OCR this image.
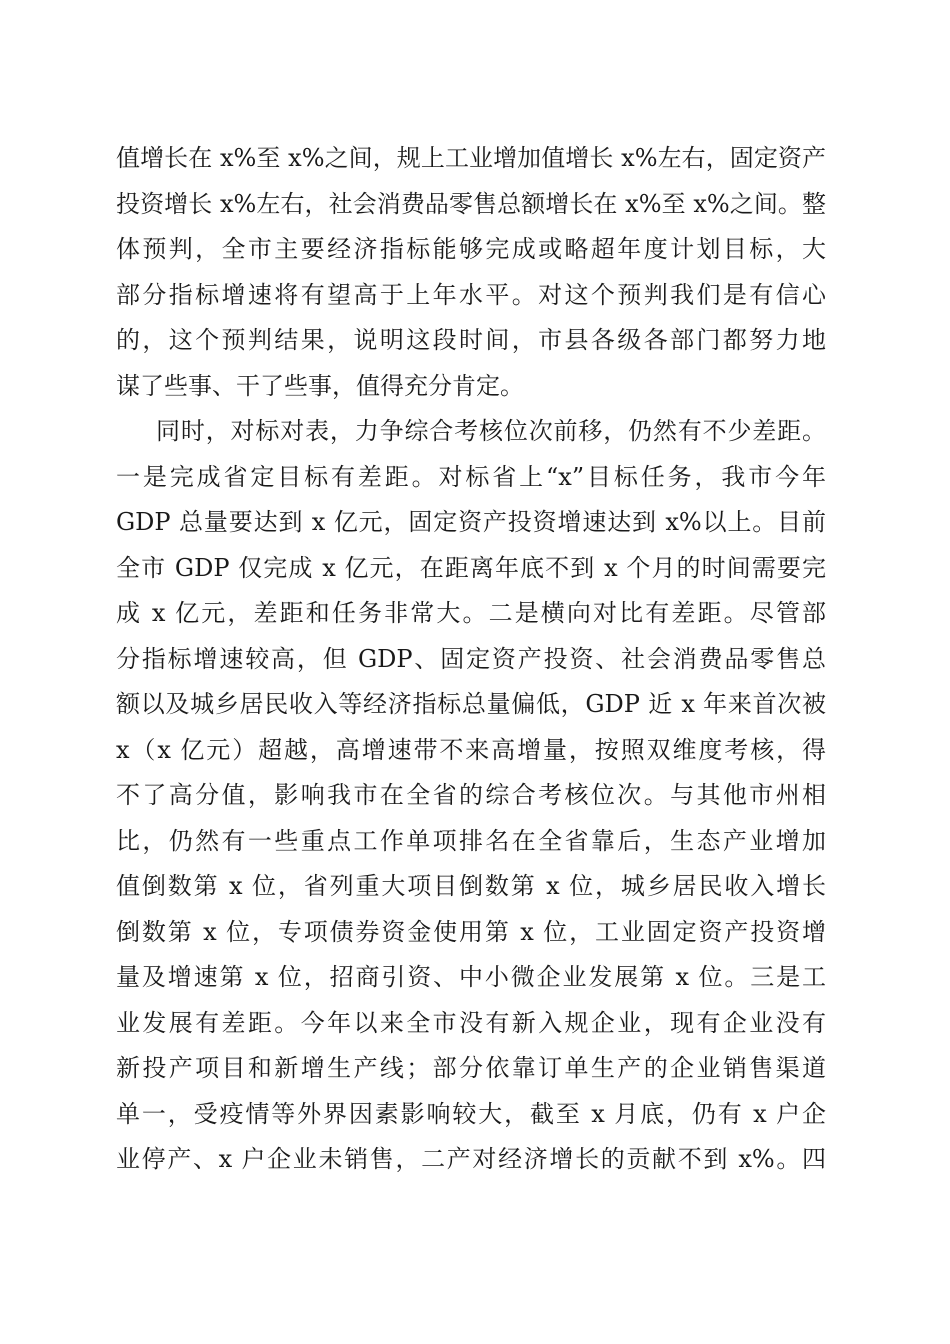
值增长在 x%至 x%之间，规上工业增加值增长 x%左右，固定资产
投资增长 x%左右，社会消费品零售总额增长在 x%至 x%之间。整
体预判，全市主要经济指标能够完成或略超年度计划目标，大
部分指标增速将有望高于上年水平。对这个预判我们是有信心
的，这个预判结果，说明这段时间，市县各级各部门都努力地
谋了些事、干了些事，值得充分肯定。
同时，对标对表，力争综合考核位次前移，仍然有不少差距。
一是完成省定目标有差距。对标省上“x”目标任务，我市今年
GDP 总量要达到 x 亿元，固定资产投资增速达到 x%以上。目前
全市 GDP 仅完成 x 亿元，在距离年底不到 x 个月的时间需要完
成 x 亿元，差距和任务非常大。二是横向对比有差距。尽管部
分指标增速较高，但 GDP、固定资产投资、社会消费品零售总
额以及城乡居民收入等经济指标总量偏低，GDP 近 x 年来首次被
x（x 亿元）超越，高增速带不来高增量，按照双维度考核，得
不了高分值，影响我市在全省的综合考核位次。与其他市州相
比，仍然有一些重点工作单项排名在全省靠后，生态产业增加
值倒数第 x 位，省列重大项目倒数第 x 位，城乡居民收入增长
倒数第 x 位，专项债券资金使用第 x 位，工业固定资产投资增
量及增速第 x 位，招商引资、中小微企业发展第 x 位。三是工
业发展有差距。今年以来全市没有新入规企业，现有企业没有
新投产项目和新增生产线；部分依靠订单生产的企业销售渠道
单一，受疫情等外界因素影响较大，截至 x 月底，仍有 x 户企
业停产、x 户企业未销售，二产对经济增长的贡献不到 x%。四
